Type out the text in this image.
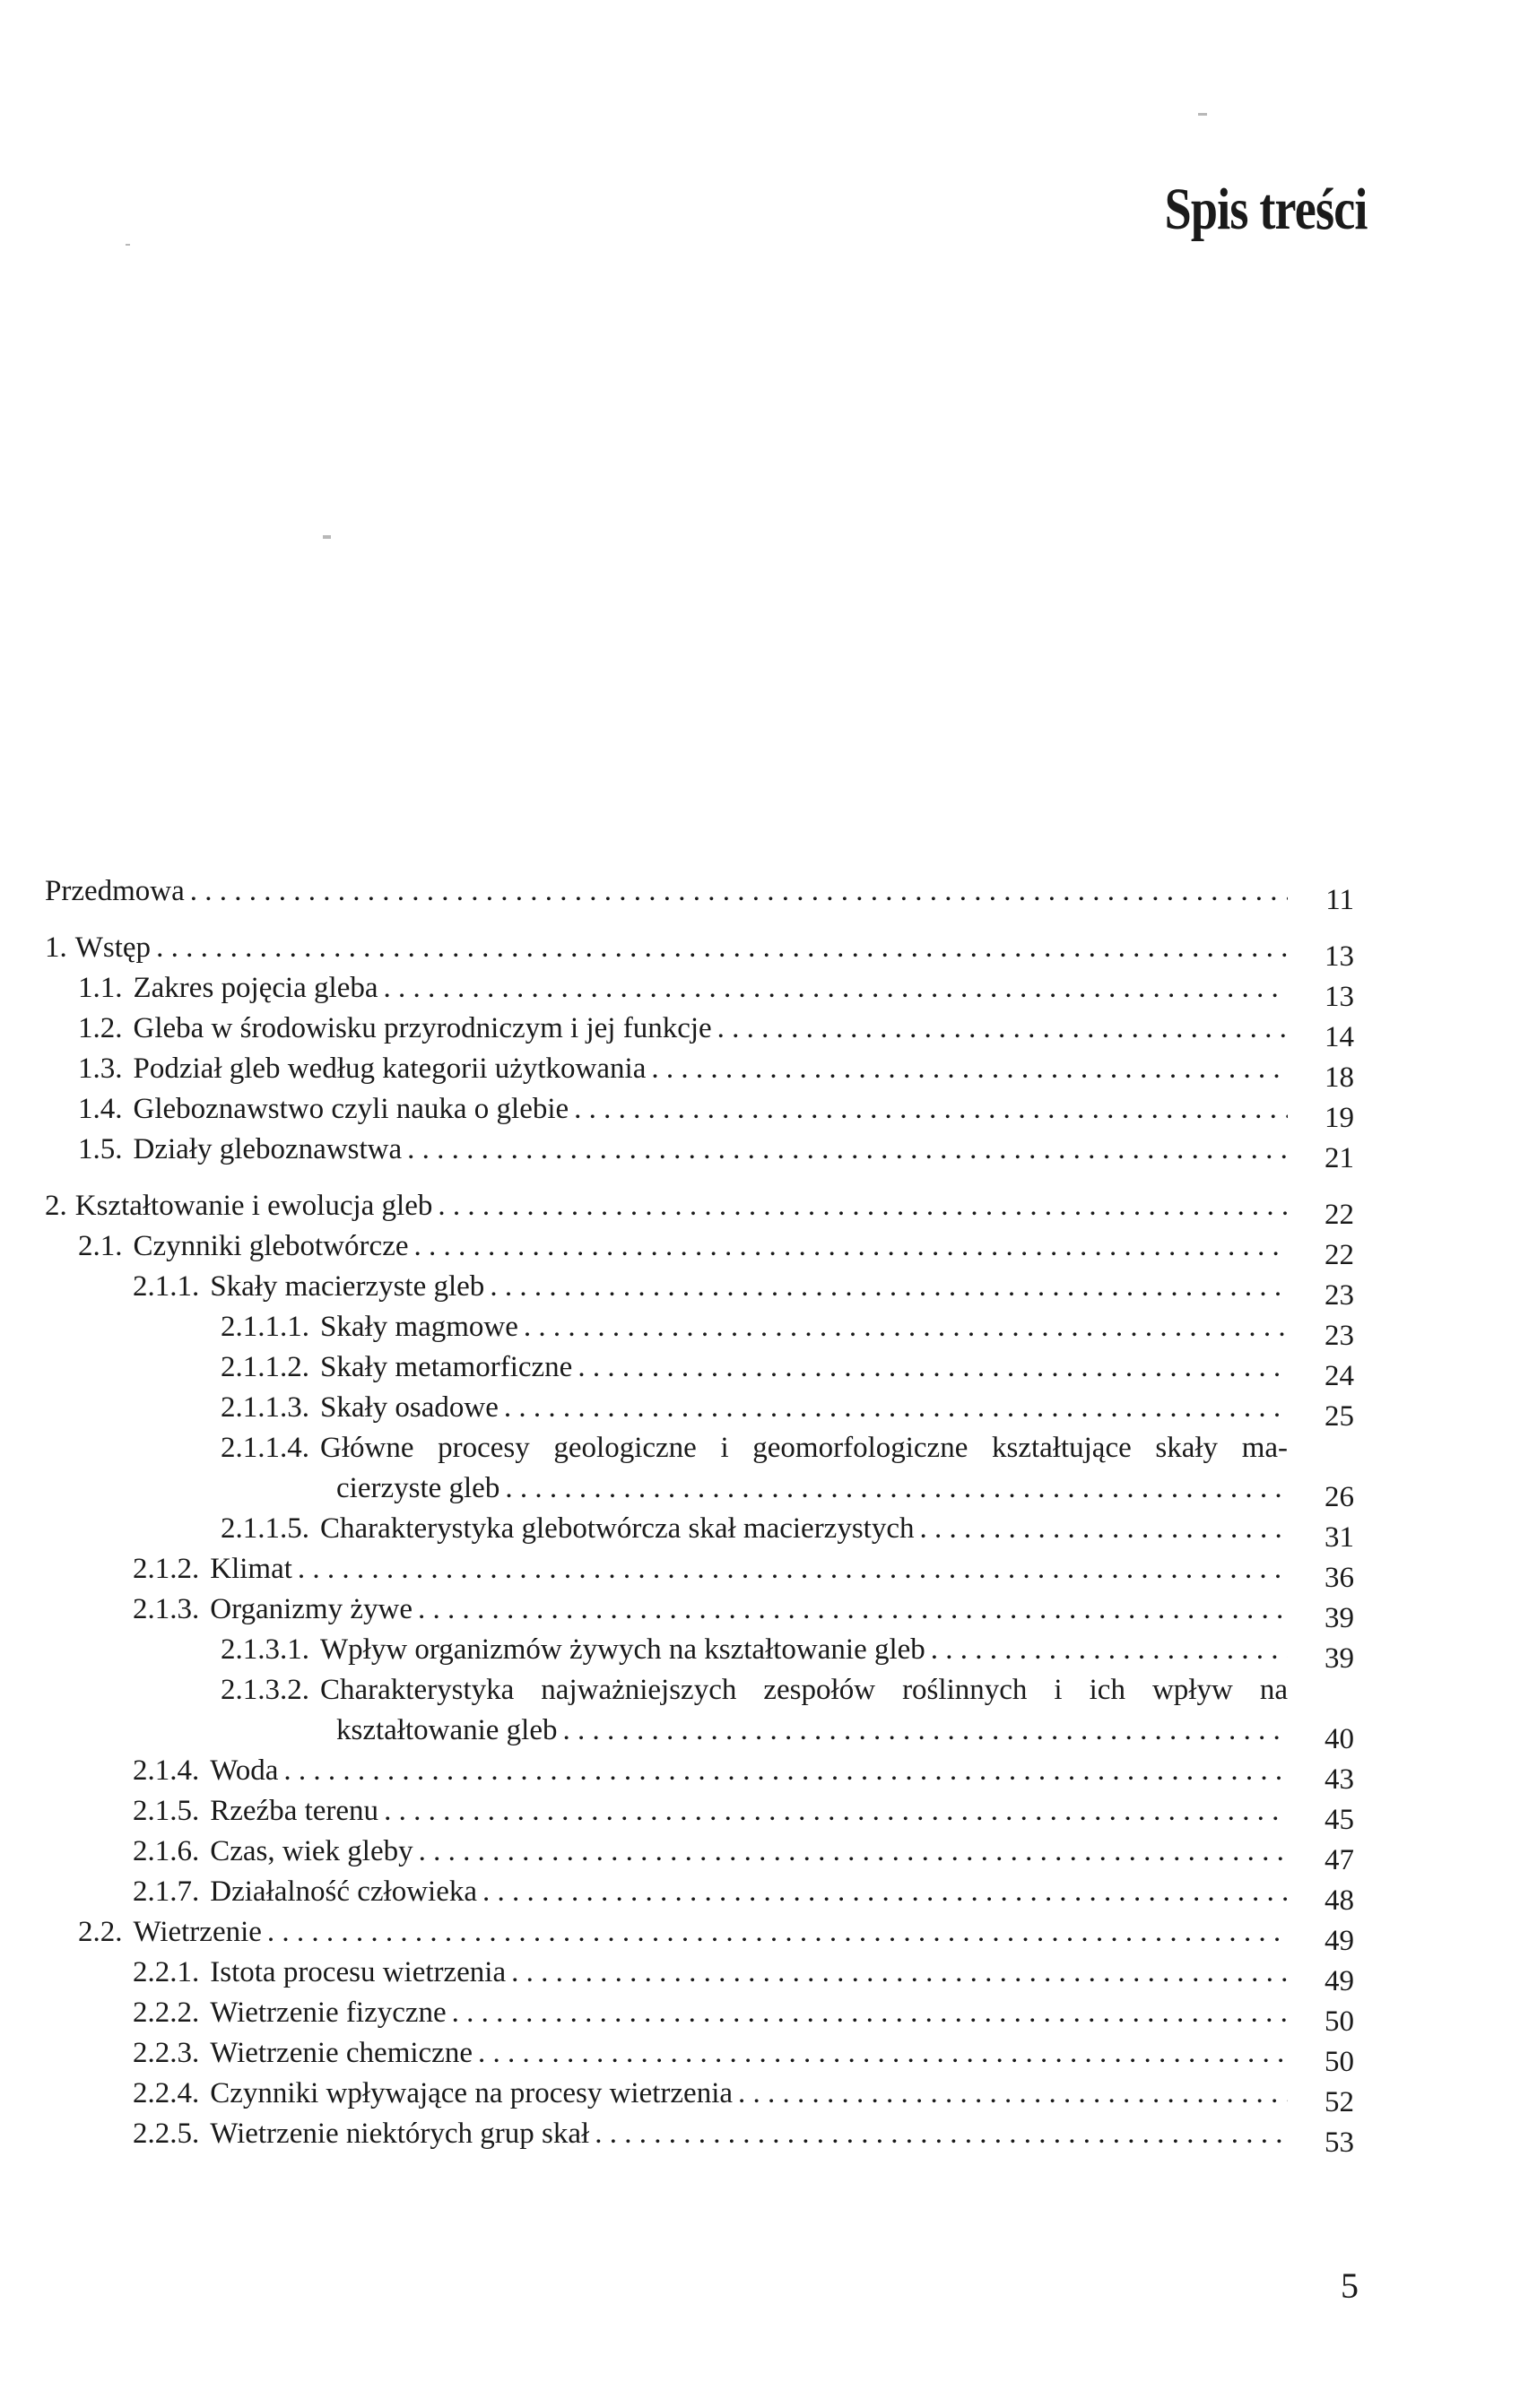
Spis treści
Przedmowa . . .	11
1. Wstęp . . .	13
1.1. Zakres pojęcia gleba . . .	13
1.2. Gleba w środowisku przyrodniczym i jej funkcje . . .	14
1.3. Podział gleb według kategorii użytkowania . . .	18
1.4. Gleboznawstwo czyli nauka o glebie . . .	19
1.5. Działy gleboznawstwa . . .	21
2. Kształtowanie i ewolucja gleb . . .	22
2.1. Czynniki glebotwórcze . . .	22
2.1.1. Skały macierzyste gleb . . .	23
2.1.1.1. Skały magmowe . . .	23
2.1.1.2. Skały metamorficzne . . .	24
2.1.1.3. Skały osadowe . . .	25
2.1.1.4. Główne procesy geologiczne i geomorfologiczne kształtujące skały ma-
cierzyste gleb . . .	26
2.1.1.5. Charakterystyka glebotwórcza skał macierzystych . . .	31
2.1.2. Klimat . . .	36
2.1.3. Organizmy żywe . . .	39
2.1.3.1. Wpływ organizmów żywych na kształtowanie gleb . . .	39
2.1.3.2. Charakterystyka najważniejszych zespołów roślinnych i ich wpływ na
kształtowanie gleb . . .	40
2.1.4. Woda . . .	43
2.1.5. Rzeźba terenu . . .	45
2.1.6. Czas, wiek gleby . . .	47
2.1.7. Działalność człowieka . . .	48
2.2. Wietrzenie . . .	49
2.2.1. Istota procesu wietrzenia . . .	49
2.2.2. Wietrzenie fizyczne . . .	50
2.2.3. Wietrzenie chemiczne . . .	50
2.2.4. Czynniki wpływające na procesy wietrzenia . . .	52
2.2.5. Wietrzenie niektórych grup skał . . .	53

5
